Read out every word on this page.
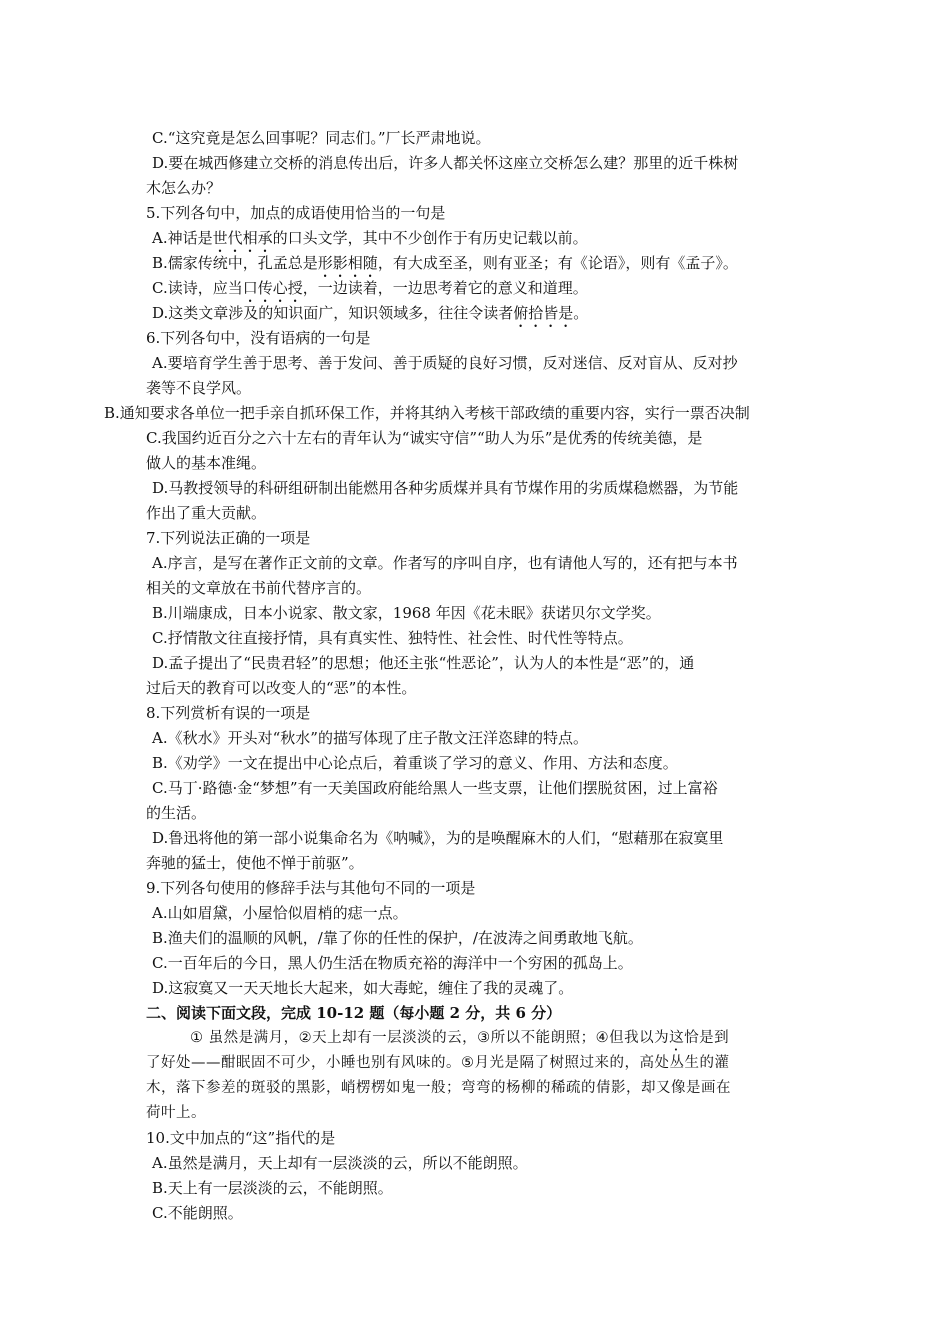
C.“这究竟是怎么回事呢？同志们。”厂长严肃地说。
D.要在城西修建立交桥的消息传出后，许多人都关怀这座立交桥怎么建？那里的近千株树
木怎么办？
5.下列各句中，加点的成语使用恰当的一句是
A.神话是世代相承的口头文学，其中不少创作于有历史记载以前。
B.儒家传统中，孔孟总是形影相随，有大成至圣，则有亚圣；有《论语》，则有《孟子》。
C.读诗，应当口传心授，一边读着，一边思考着它的意义和道理。
D.这类文章涉及的知识面广，知识领域多，往往令读者俯拾皆是。
6.下列各句中，没有语病的一句是
A.要培育学生善于思考、善于发问、善于质疑的良好习惯，反对迷信、反对盲从、反对抄
袭等不良学风。
B.通知要求各单位一把手亲自抓环保工作，并将其纳入考核干部政绩的重要内容，实行一票否决制
C.我国约近百分之六十左右的青年认为“诚实守信”“助人为乐”是优秀的传统美德，是
做人的基本准绳。
D.马教授领导的科研组研制出能燃用各种劣质煤并具有节煤作用的劣质煤稳燃器，为节能
作出了重大贡献。
7.下列说法正确的一项是
A.序言，是写在著作正文前的文章。作者写的序叫自序，也有请他人写的，还有把与本书
相关的文章放在书前代替序言的。
B.川端康成，日本小说家、散文家，1968 年因《花未眠》获诺贝尔文学奖。
C.抒情散文往直接抒情，具有真实性、独特性、社会性、时代性等特点。
D.孟子提出了“民贵君轻”的思想；他还主张“性恶论”，认为人的本性是“恶”的，通
过后天的教育可以改变人的“恶”的本性。
8.下列赏析有误的一项是
A.《秋水》开头对“秋水”的描写体现了庄子散文汪洋恣肆的特点。
B.《劝学》一文在提出中心论点后，着重谈了学习的意义、作用、方法和态度。
C.马丁·路德·金“梦想”有一天美国政府能给黑人一些支票，让他们摆脱贫困，过上富裕
的生活。
D.鲁迅将他的第一部小说集命名为《呐喊》，为的是唤醒麻木的人们，“慰藉那在寂寞里
奔驰的猛士，使他不惮于前驱”。
9.下列各句使用的修辞手法与其他句不同的一项是
A.山如眉黛，小屋恰似眉梢的痣一点。
B.渔夫们的温顺的风帆，/靠了你的任性的保护，/在波涛之间勇敢地飞航。
C.一百年后的今日，黑人仍生活在物质充裕的海洋中一个穷困的孤岛上。
D.这寂寞又一天天地长大起来，如大毒蛇，缠住了我的灵魂了。
二、阅读下面文段，完成 10-12 题（每小题 2 分，共 6 分）
① 虽然是满月，②天上却有一层淡淡的云，③所以不能朗照；④但我以为这恰是到
了好处——酣眠固不可少，小睡也别有风味的。⑤月光是隔了树照过来的，高处丛生的灌
木，落下参差的斑驳的黑影，峭楞楞如鬼一般；弯弯的杨柳的稀疏的倩影，却又像是画在
荷叶上。
10.文中加点的“这”指代的是
A.虽然是满月，天上却有一层淡淡的云，所以不能朗照。
B.天上有一层淡淡的云，不能朗照。
C.不能朗照。
